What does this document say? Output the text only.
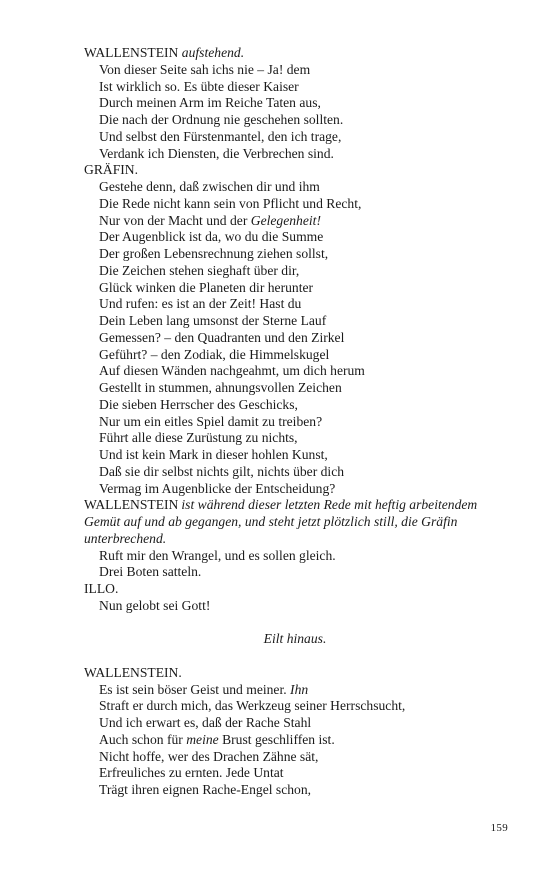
WALLENSTEIN aufstehend.
Von dieser Seite sah ichs nie – Ja! dem
Ist wirklich so. Es übte dieser Kaiser
Durch meinen Arm im Reiche Taten aus,
Die nach der Ordnung nie geschehen sollten.
Und selbst den Fürstenmantel, den ich trage,
Verdank ich Diensten, die Verbrechen sind.
GRÄFIN.
Gestehe denn, daß zwischen dir und ihm
Die Rede nicht kann sein von Pflicht und Recht,
Nur von der Macht und der Gelegenheit!
Der Augenblick ist da, wo du die Summe
Der großen Lebensrechnung ziehen sollst,
Die Zeichen stehen sieghaft über dir,
Glück winken die Planeten dir herunter
Und rufen: es ist an der Zeit! Hast du
Dein Leben lang umsonst der Sterne Lauf
Gemessen? – den Quadranten und den Zirkel
Geführt? – den Zodiak, die Himmelskugel
Auf diesen Wänden nachgeahmt, um dich herum
Gestellt in stummen, ahnungsvollen Zeichen
Die sieben Herrscher des Geschicks,
Nur um ein eitles Spiel damit zu treiben?
Führt alle diese Zurüstung zu nichts,
Und ist kein Mark in dieser hohlen Kunst,
Daß sie dir selbst nichts gilt, nichts über dich
Vermag im Augenblicke der Entscheidung?
WALLENSTEIN ist während dieser letzten Rede mit heftig arbeitendem Gemüt auf und ab gegangen, und steht jetzt plötzlich still, die Gräfin unterbrechend.
Ruft mir den Wrangel, und es sollen gleich.
Drei Boten satteln.
ILLO.
Nun gelobt sei Gott!
Eilt hinaus.
WALLENSTEIN.
Es ist sein böser Geist und meiner. Ihn
Straft er durch mich, das Werkzeug seiner Herrschsucht,
Und ich erwart es, daß der Rache Stahl
Auch schon für meine Brust geschliffen ist.
Nicht hoffe, wer des Drachen Zähne sät,
Erfreuliches zu ernten. Jede Untat
Trägt ihren eignen Rache-Engel schon,
159
